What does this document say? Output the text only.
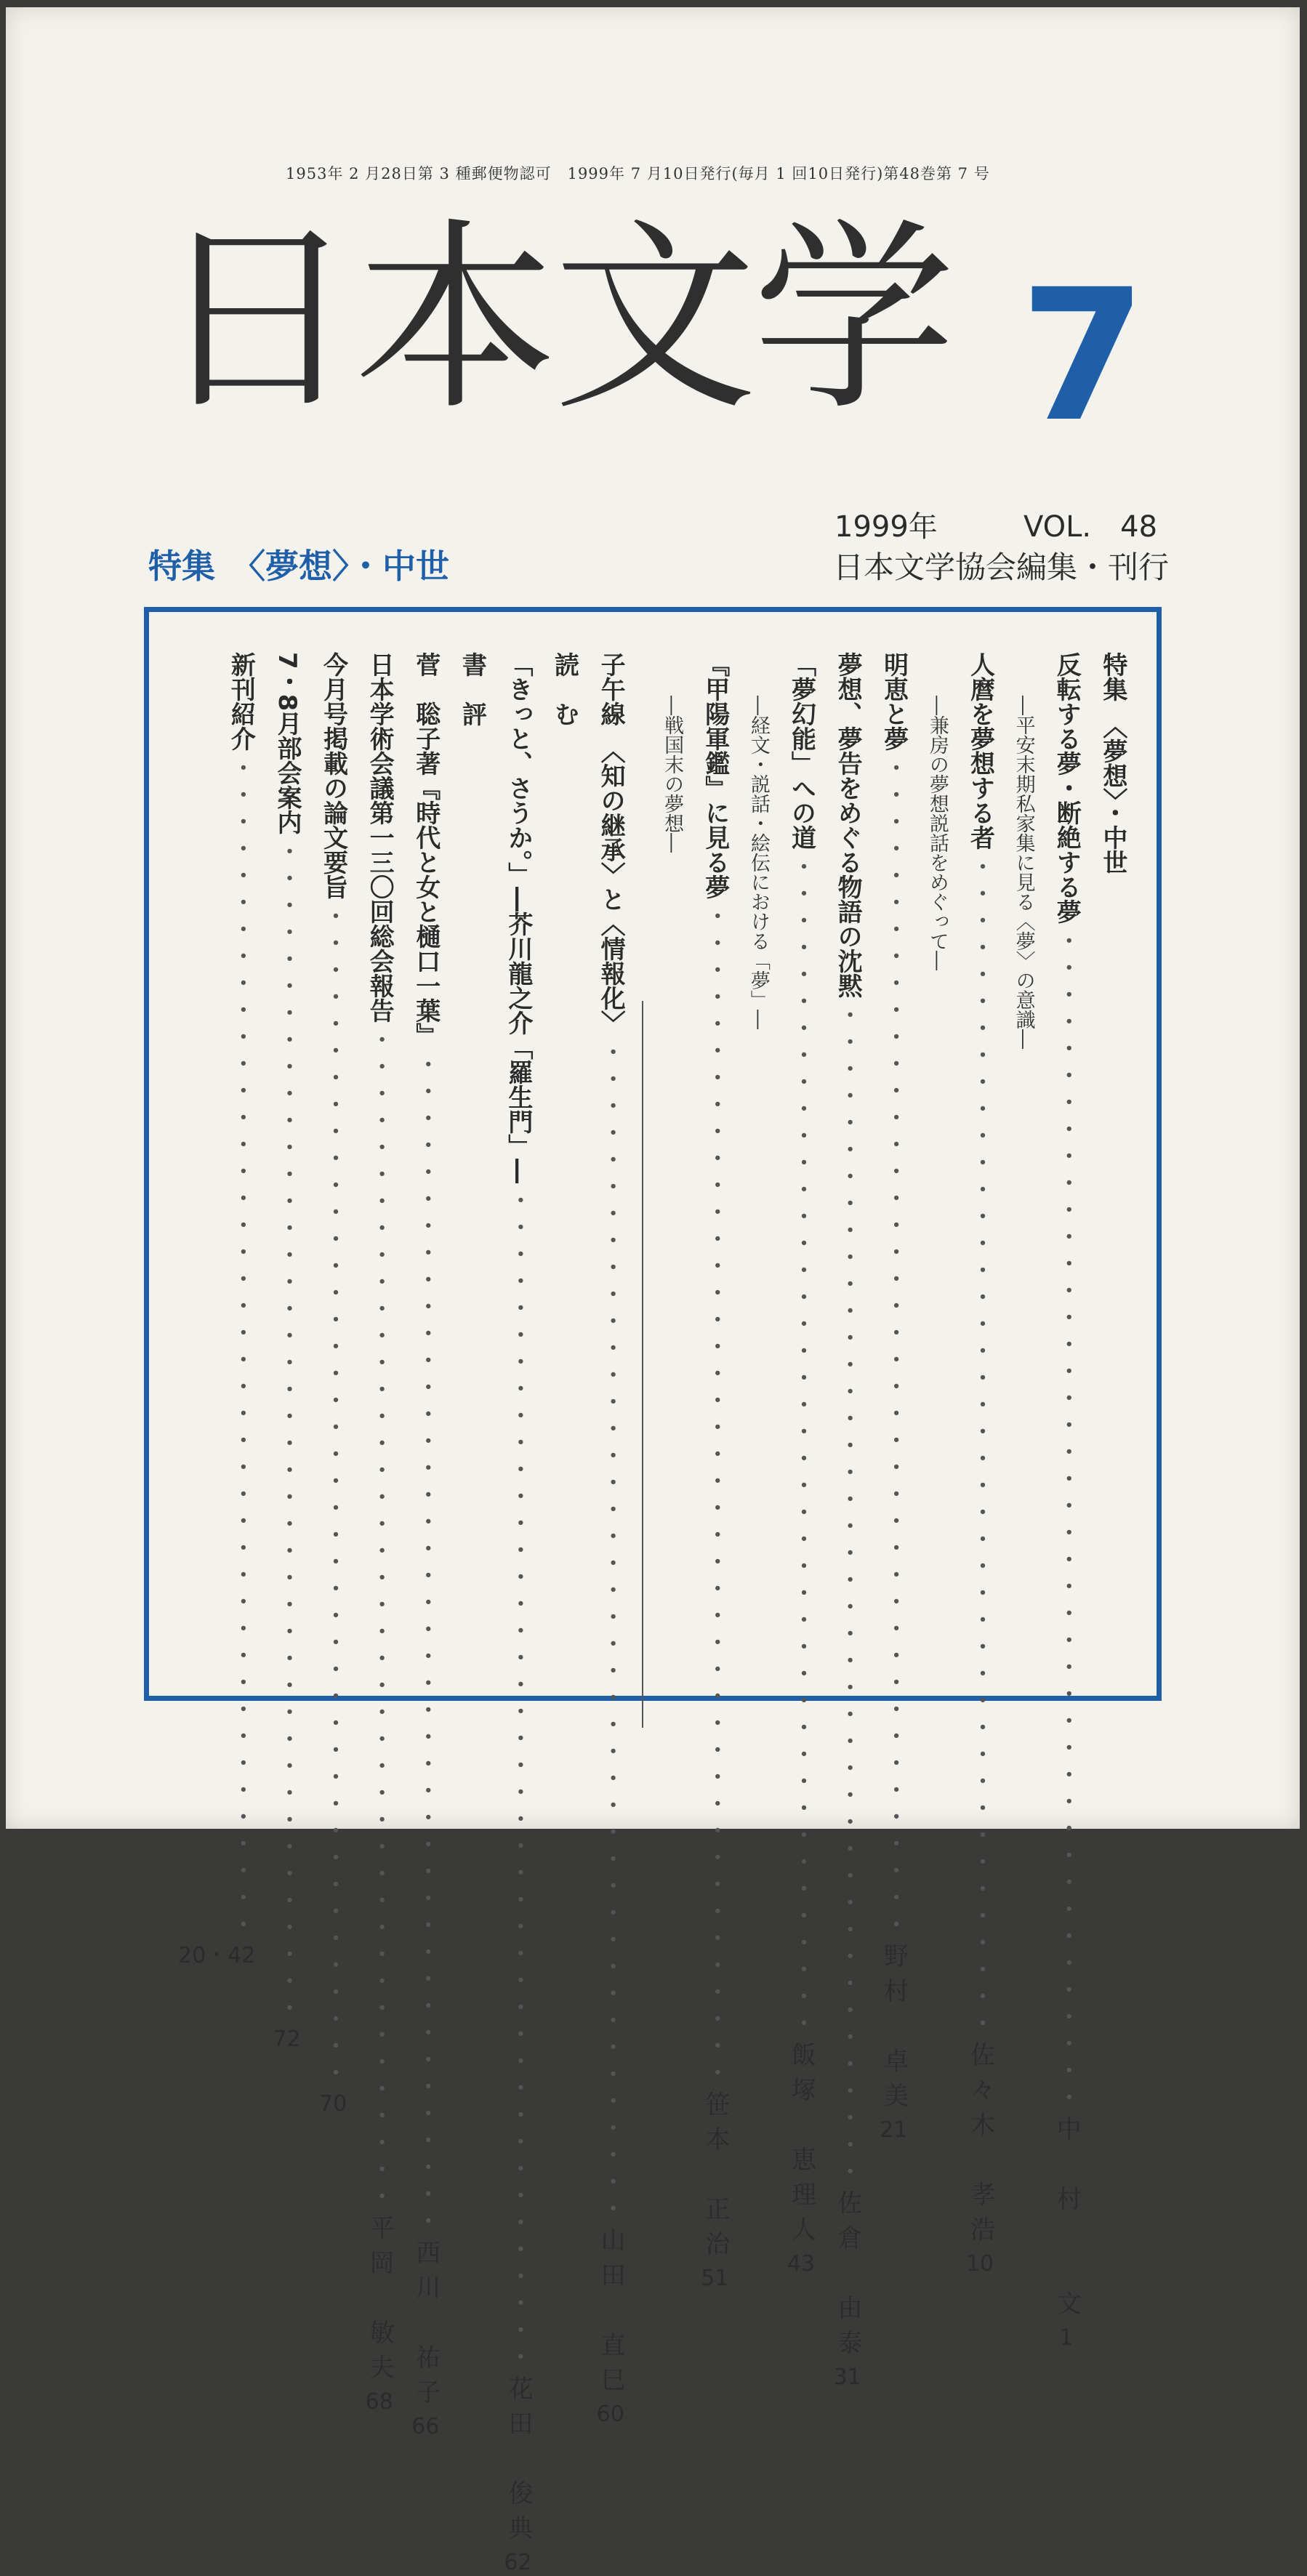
1953年 2 月28日第 3 種郵便物認可　1999年 7 月10日発行(毎月 1 回10日発行)第48巻第 7 号
日本文学 7
1999年	VOL.　48
特集　〈夢想〉・中世	日本文学協会編集・刊行
特集　〈夢想〉・中世
反転する夢・断絶する夢
・・・・・・・・・・・・・・・・・・・・・・・・・・・・・・・・・・・・・・・・・・・・
中　村　　文
1
―平安末期私家集に見る〈夢〉の意識―
人麿を夢想する者
・・・・・・・・・・・・・・・・・・・・・・・・・・・・・・・・・・・・・・・・・・・・
佐々木　孝浩
10
―兼房の夢想説話をめぐって―
明恵と夢
・・・・・・・・・・・・・・・・・・・・・・・・・・・・・・・・・・・・・・・・・・・・
野村　卓美
21
夢想、夢告をめぐる物語の沈黙
・・・・・・・・・・・・・・・・・・・・・・・・・・・・・・・・・・・・・・・・・・・・
佐倉　由泰
31
「夢幻能」への道
・・・・・・・・・・・・・・・・・・・・・・・・・・・・・・・・・・・・・・・・・・・・
飯塚　恵理人
43
―経文・説話・絵伝における「夢」―
『甲陽軍鑑』に見る夢
・・・・・・・・・・・・・・・・・・・・・・・・・・・・・・・・・・・・・・・・・・・・
笹本　正治
51
―戦国末の夢想―
子午線　〈知の継承〉と〈情報化〉
・・・・・・・・・・・・・・・・・・・・・・・・・・・・・・・・・・・・・・・・・・・・
山田　直巳
60
読　む
「きっと、さうか。」―芥川龍之介「羅生門」―
・・・・・・・・・・・・・・・・・・・・・・・・・・・・・・・・・・・・・・・・・・・・
花田　俊典
62
書　評
菅　聡子著『時代と女と樋口一葉』
・・・・・・・・・・・・・・・・・・・・・・・・・・・・・・・・・・・・・・・・・・・・
西川　祐子
66
日本学術会議第一三〇回総会報告
・・・・・・・・・・・・・・・・・・・・・・・・・・・・・・・・・・・・・・・・・・・・
平岡　敏夫
68
今月号掲載の論文要旨
・・・・・・・・・・・・・・・・・・・・・・・・・・・・・・・・・・・・・・・・・・・・
70
7・8月部会案内
・・・・・・・・・・・・・・・・・・・・・・・・・・・・・・・・・・・・・・・・・・・・
72
新刊紹介
・・・・・・・・・・・・・・・・・・・・・・・・・・・・・・・・・・・・・・・・・・・・
20・42
